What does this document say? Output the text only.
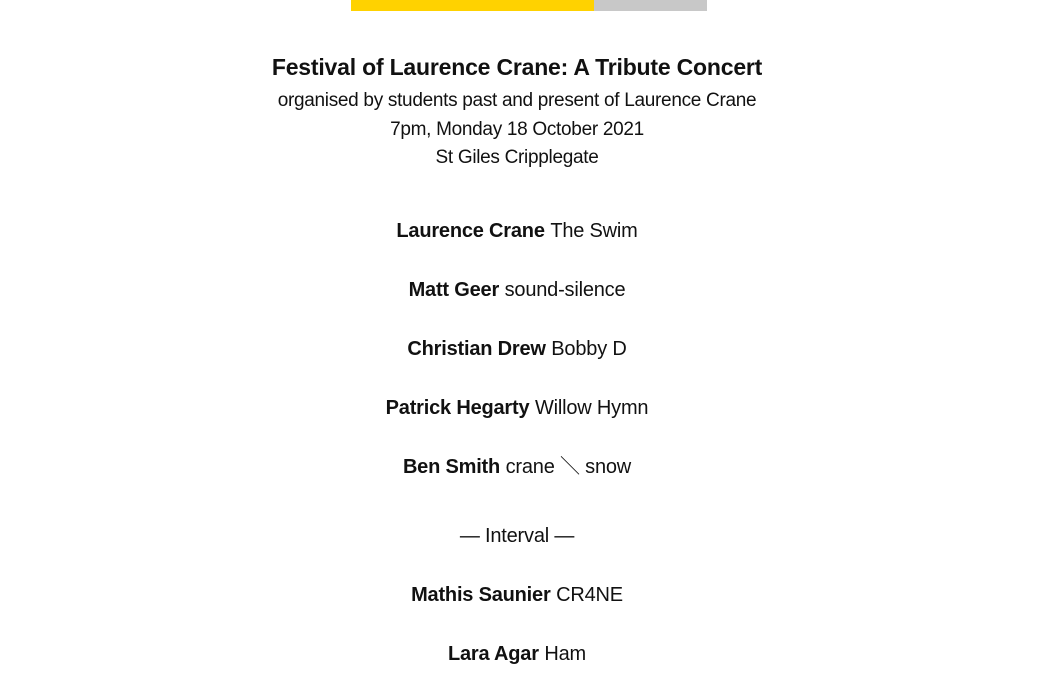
Festival of Laurence Crane: A Tribute Concert

organised by students past and present of Laurence Crane

7pm, Monday 18 October 2021

St Giles Cripplegate

Laurence Crane The Swim
Matt Geer sound-silence
Christian Drew Bobby D
Patrick Hegarty Willow Hymn
Ben Smith crane ＼ snow
— Interval —
Mathis Saunier CR4NE
Lara Agar Ham
